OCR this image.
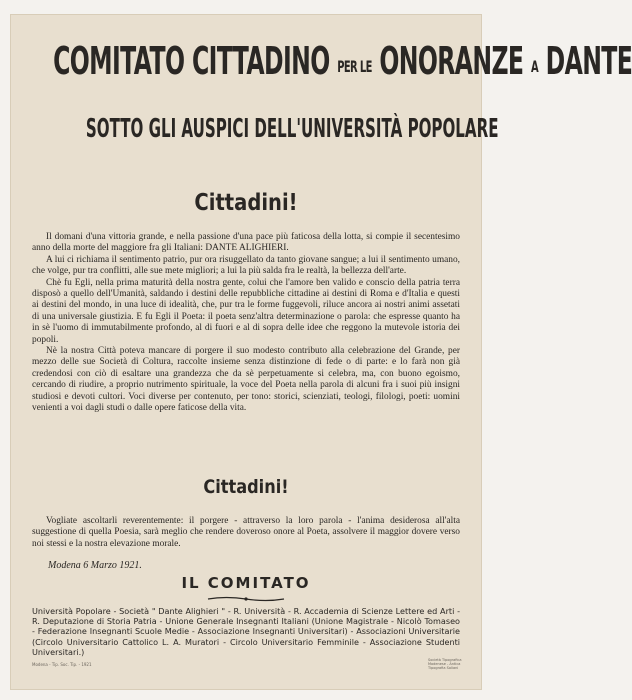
COMITATO CITTADINO PER LE ONORANZE A DANTE
SOTTO GLI AUSPICI DELL'UNIVERSITÀ POPOLARE
Cittadini!

Il domani d'una vittoria grande, e nella passione d'una pace più faticosa della lotta, si compie il secentesimo anno della morte del maggiore fra gli Italiani: DANTE ALIGHIERI.

A lui ci richiama il sentimento patrio, pur ora risuggellato da tanto giovane sangue; a lui il sentimento umano, che volge, pur tra conflitti, alle sue mete migliori; a lui la più salda fra le realtà, la bellezza dell'arte.

Chè fu Egli, nella prima maturità della nostra gente, colui che l'amore ben valido e conscio della patria terra disposò a quello dell'Umanità, saldando i destini delle repubbliche cittadine ai destini di Roma e d'Italia e questi ai destini del mondo, in una luce di idealità, che, pur tra le forme fuggevoli, riluce ancora ai nostri animi assetati di una universale giustizia. E fu Egli il Poeta: il poeta senz'altra determinazione o parola: che espresse quanto ha in sè l'uomo di immutabilmente profondo, al di fuori e al di sopra delle idee che reggono la mutevole istoria dei popoli.

Nè la nostra Città poteva mancare di porgere il suo modesto contributo alla celebrazione del Grande, per mezzo delle sue Società di Coltura, raccolte insieme senza distinzione di fede o di parte: e lo farà non già credendosi con ciò di esaltare una grandezza che da sè perpetuamente si celebra, ma, con buono egoismo, cercando di riudire, a proprio nutrimento spirituale, la voce del Poeta nella parola di alcuni fra i suoi più insigni studiosi e devoti cultori. Voci diverse per contenuto, per tono: storici, scienziati, teologi, filologi, poeti: uomini venienti a voi dagli studi o dalle opere faticose della vita.

Cittadini!

Vogliate ascoltarli reverentemente: il porgere - attraverso la loro parola - l'anima desiderosa all'alta suggestione di quella Poesia, sarà meglio che rendere doveroso onore al Poeta, assolvere il maggior dovere verso noi stessi e la nostra elevazione morale.

Modena 6 Marzo 1921.
IL COMITATO
Università Popolare - Società " Dante Alighieri " - R. Università - R. Accademia di Scienze Lettere ed Arti - R. Deputazione di Storia Patria - Unione Generale Insegnanti Italiani (Unione Magistrale - Nicolò Tomaseo - Federazione Insegnanti Scuole Medie - Associazione Insegnanti Universitari) - Associazioni Universitarie (Circolo Universitario Cattolico L. A. Muratori - Circolo Universitario Femminile - Associazione Studenti Universitari.)
Modena - Tip. Soc. Tip. - 1921
Società Tipografica Modenese - Antica Tipografia Soliani
